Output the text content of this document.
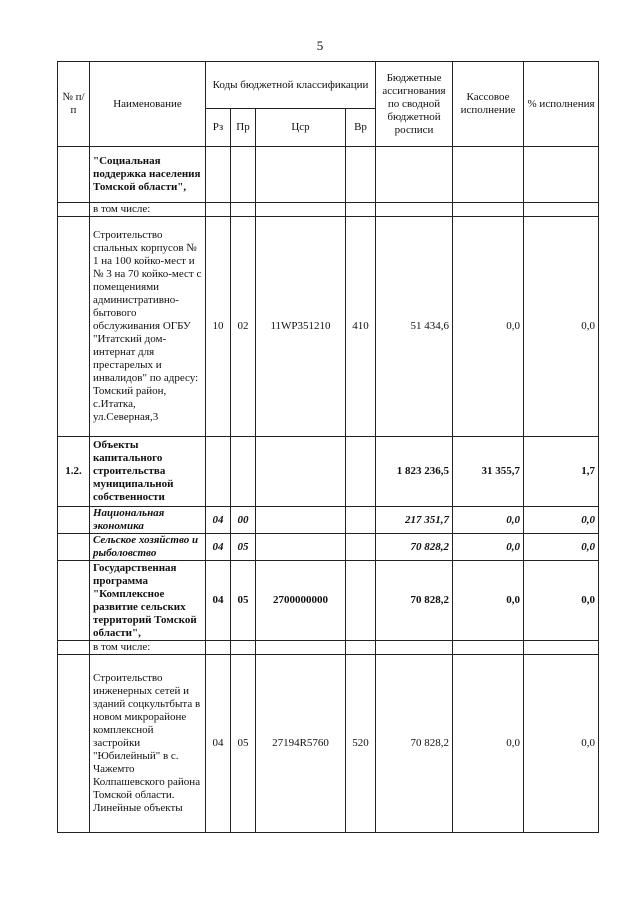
5
№ п/п	Наименование	Коды бюджетной классификации				Бюджетные ассигнования по сводной бюджетной росписи	Кассовое исполнение	% исполнения
		Рз	Пр	Цср	Вр			
	"Социальная поддержка населения Томской области",							
	в том числе:							
	Строительство спальных корпусов № 1 на 100 койко-мест и № 3 на 70 койко-мест с помещениями административно-бытового обслуживания ОГБУ "Итатский дом-интернат для престарелых и инвалидов" по адресу: Томский район, с.Итатка, ул.Северная,3	10	02	11WP351210	410	51 434,6	0,0	0,0
1.2.	Объекты капитального строительства муниципальной собственности					1 823 236,5	31 355,7	1,7
	Национальная экономика	04	00			217 351,7	0,0	0,0
	Сельское хозяйство и рыболовство	04	05			70 828,2	0,0	0,0
	Государственная программа "Комплексное развитие сельских территорий Томской области",	04	05	2700000000		70 828,2	0,0	0,0
	в том числе:							
	Строительство инженерных сетей и зданий соцкультбыта в новом микрорайоне комплексной застройки "Юбилейный" в с. Чажемто Колпашевского района Томской области. Линейные объекты	04	05	27194R5760	520	70 828,2	0,0	0,0
